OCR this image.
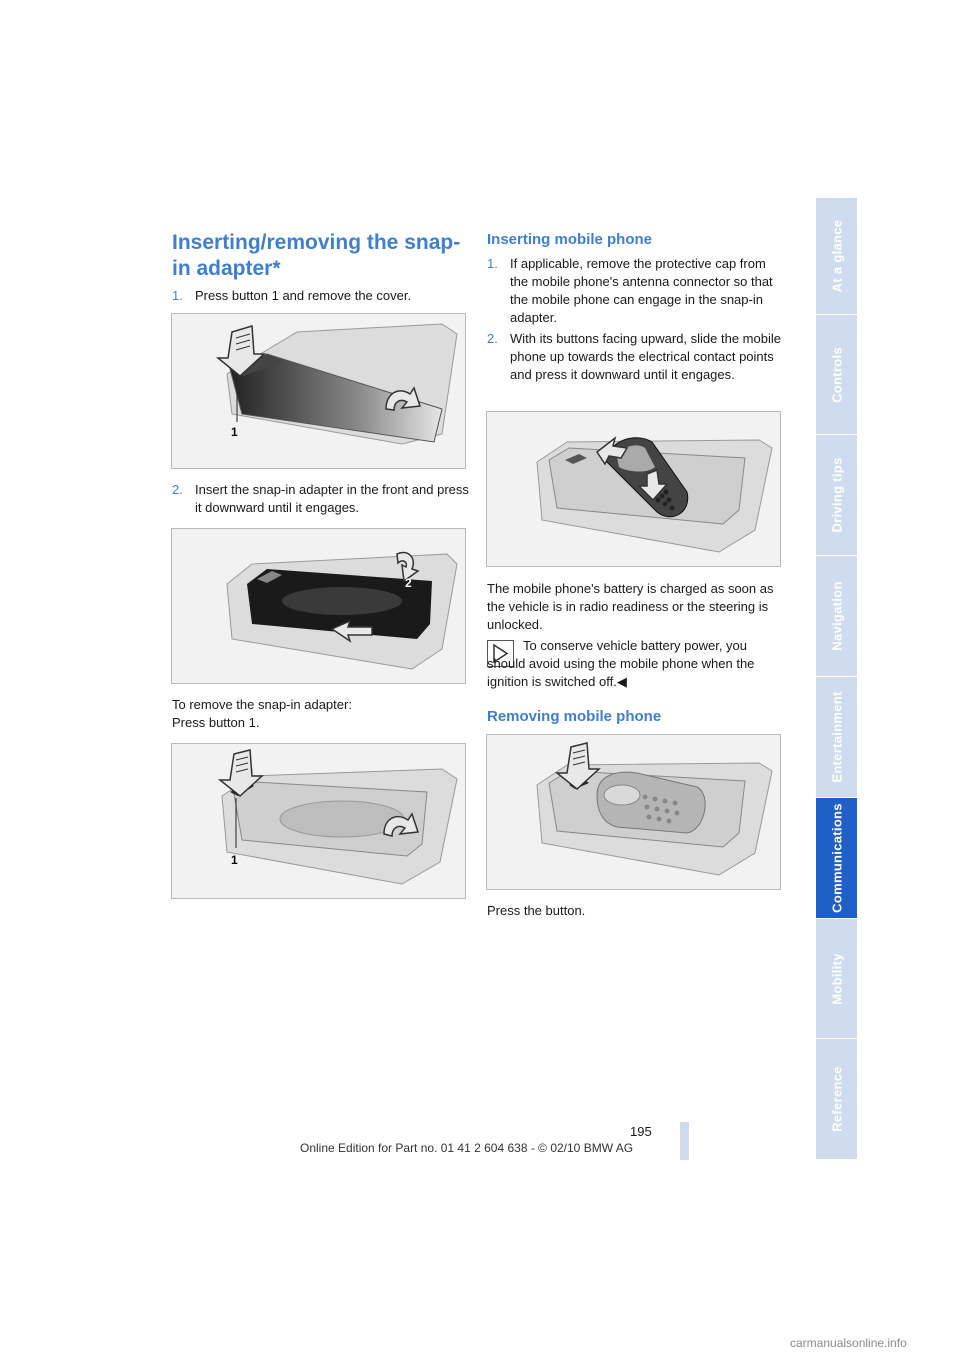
Inserting/removing the snap-in adapter*
1. Press button 1 and remove the cover.
1
2. Insert the snap-in adapter in the front and press it downward until it engages.
2
To remove the snap-in adapter:
Press button 1.
1
Inserting mobile phone
1. If applicable, remove the protective cap from the mobile phone's antenna connector so that the mobile phone can engage in the snap-in adapter.
2. With its buttons facing upward, slide the mobile phone up towards the electrical contact points and press it downward until it engages.
The mobile phone's battery is charged as soon as the vehicle is in radio readiness or the steering is unlocked.
To conserve vehicle battery power, you should avoid using the mobile phone when the ignition is switched off.◀
Removing mobile phone
Press the button.
At a glance
Controls
Driving tips
Navigation
Entertainment
Communications
Mobility
Reference
195
Online Edition for Part no. 01 41 2 604 638 - © 02/10 BMW AG
carmanualsonline.info
